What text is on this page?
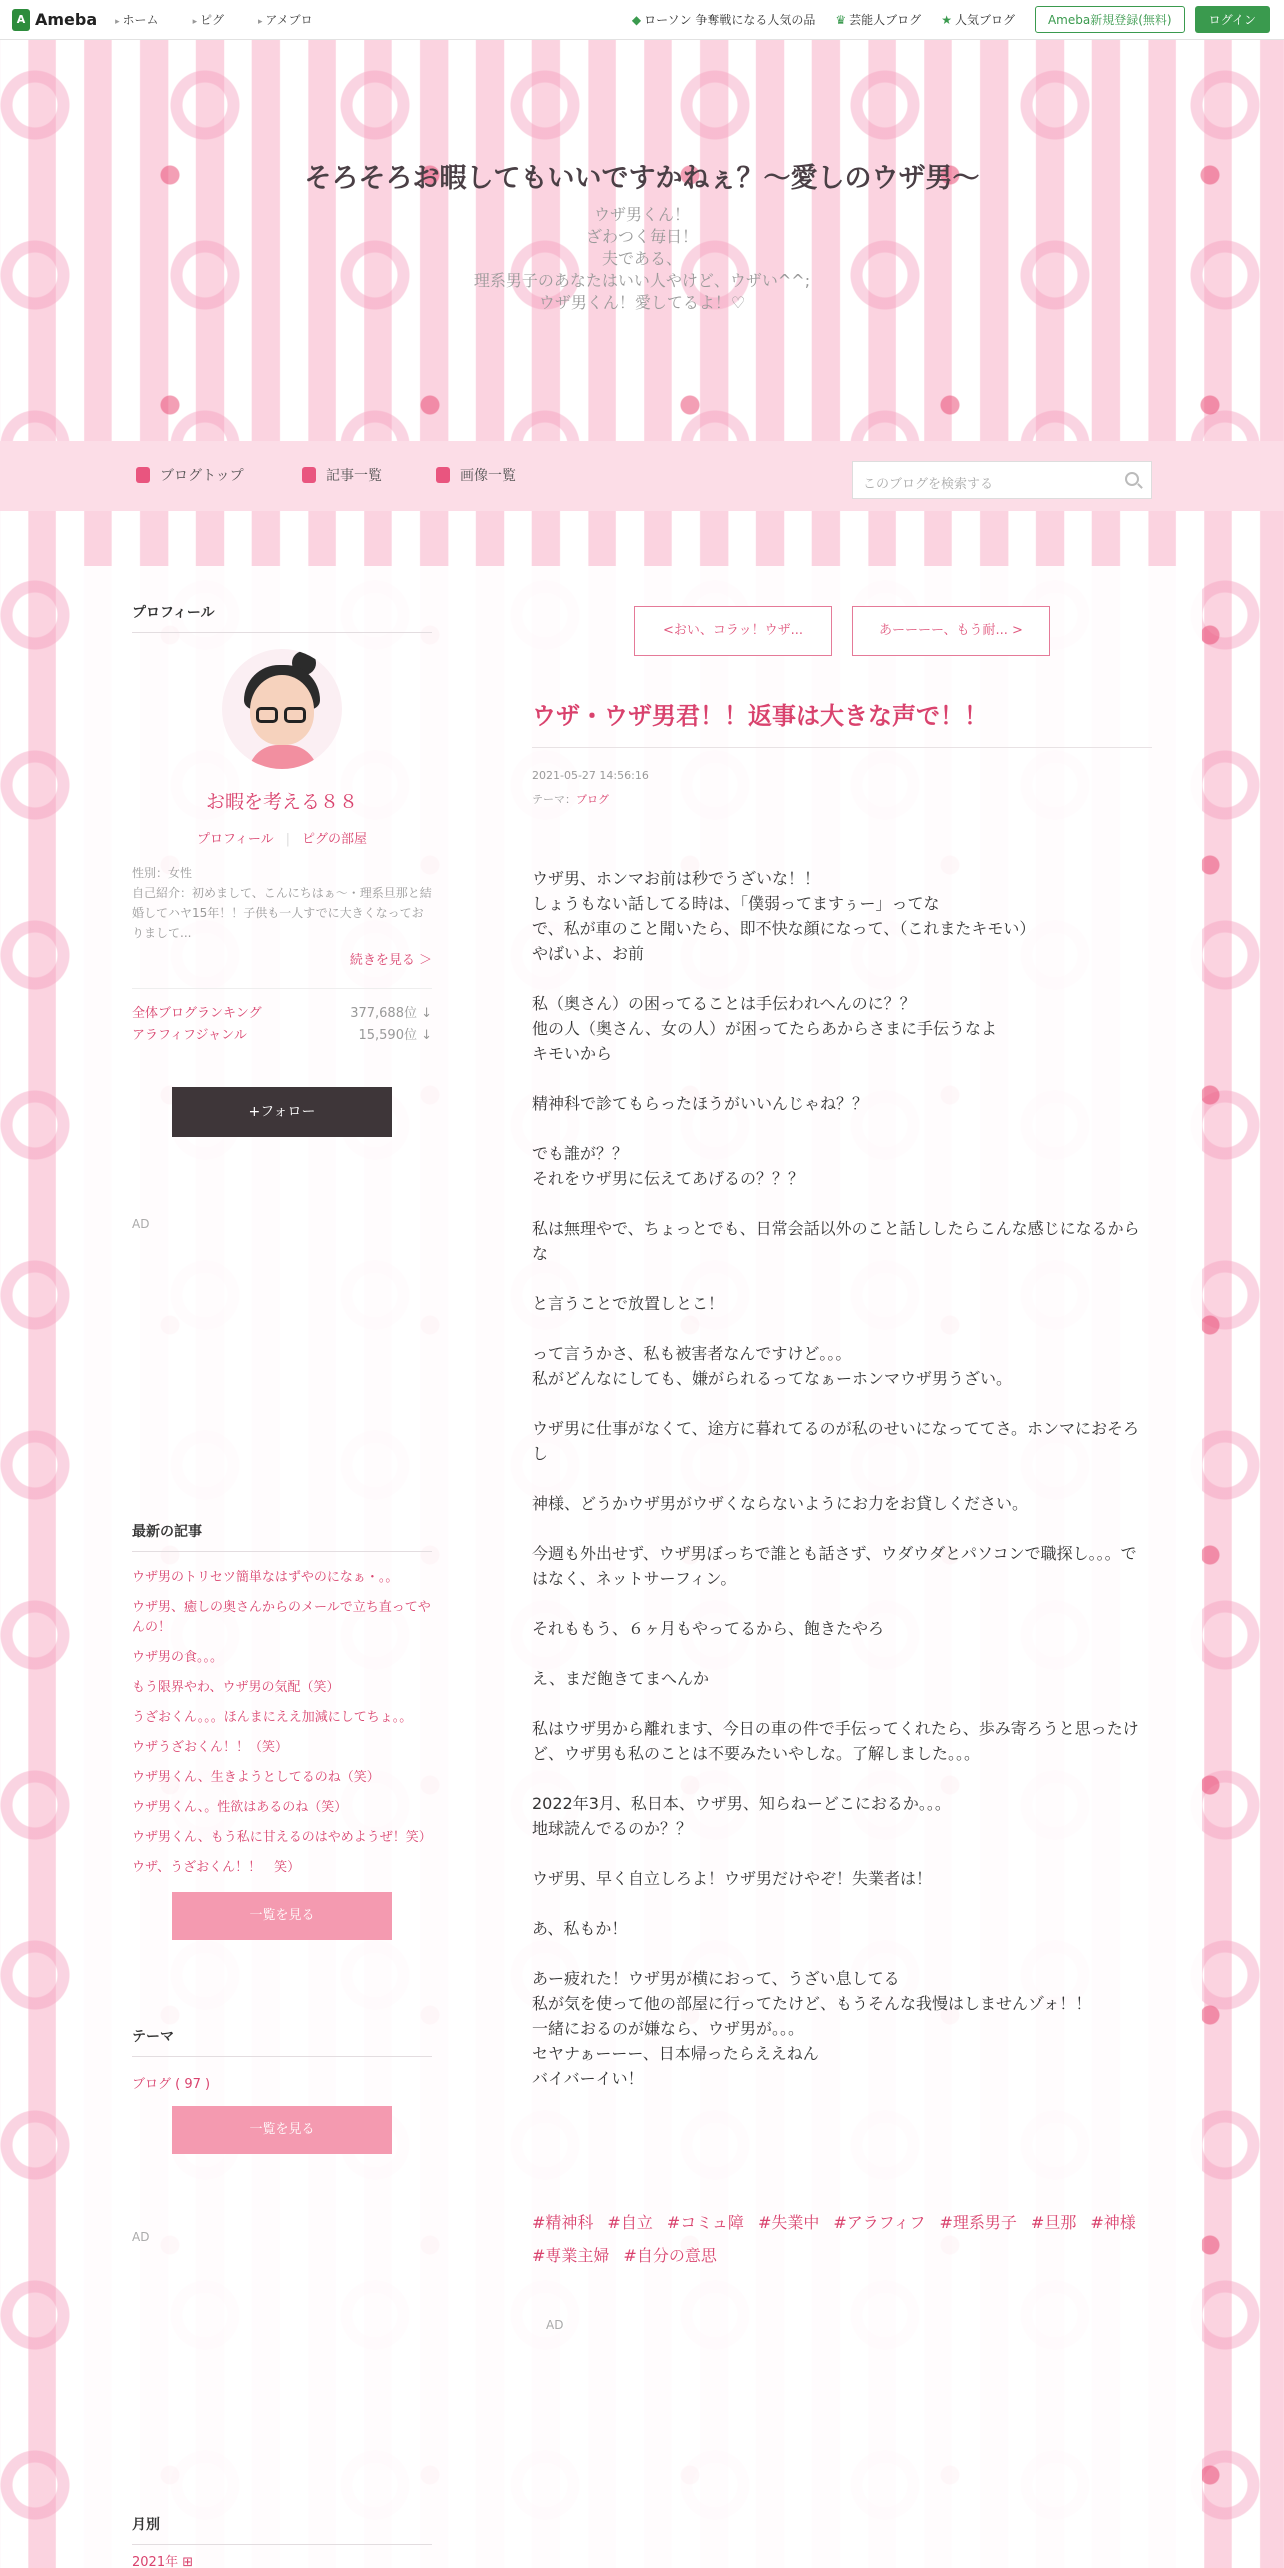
A Ameba	▸ ホーム	▸ ピグ	▸ アメブロ	◆ ローソン 争奪戦になる人気の品 ♛ 芸能人ブログ ★ 人気ブログ	Ameba新規登録(無料)	ログイン
そろそろお暇してもいいですかねぇ？〜愛しのウザ男〜
ウザ男くん！
ざわつく毎日！
夫である、
理系男子のあなたはいい人やけど、ウザい^^;
ウザ男くん！愛してるよ！♡
ブログトップ	記事一覧	画像一覧
このブログを検索する
プロフィール
お暇を考える８８
プロフィール | ピグの部屋
性別：女性
自己紹介：初めまして、こんにちはぁ〜・理系旦那と結婚してハヤ15年！！子供も一人すでに大きくなっておりまして...
続きを見る ＞
全体ブログランキング	377,688位 ↓
アラフィフジャンル	15,590位 ↓
+フォロー
AD
最新の記事
ウザ男のトリセツ簡単なはずやのになぁ・。。
ウザ男、癒しの奥さんからのメールで立ち直ってやんの！
ウザ男の食。。。
もう限界やわ、ウザ男の気配（笑）
うざおくん。。。ほんまにええ加減にしてちょ。。
ウザうざおくん！！（笑）
ウザ男くん、生きようとしてるのね（笑）
ウザ男くん、。性欲はあるのね（笑）
ウザ男くん、もう私に甘えるのはやめようぜ！笑）
ウザ、うざおくん！！　笑）
一覧を見る
テーマ
ブログ ( 97 )
一覧を見る
AD
月別
2021年 ⊞
<おい、コラッ！ウザ...	あーーーー、もう耐... >
ウザ・ウザ男君！！返事は大きな声で！！
2021-05-27 14:56:16
テーマ：ブログ

ウザ男、ホンマお前は秒でうざいな！！

しょうもない話してる時は、「僕弱ってますぅー」ってな

で、私が車のこと聞いたら、即不快な顔になって、（これまたキモい）

やばいよ、お前

私（奥さん）の困ってることは手伝われへんのに？？

他の人（奥さん、女の人）が困ってたらあからさまに手伝うなよ

キモいから

精神科で診てもらったほうがいいんじゃね？？

でも誰が？？

それをウザ男に伝えてあげるの？？？

私は無理やで、ちょっとでも、日常会話以外のこと話ししたらこんな感じになるからな

と言うことで放置しとこ！

って言うかさ、私も被害者なんですけど。。。

私がどんなにしても、嫌がられるってなぁーホンマウザ男うざい。

ウザ男に仕事がなくて、途方に暮れてるのが私のせいになっててさ。ホンマにおそろし

神様、どうかウザ男がウザくならないようにお力をお貸しください。

今週も外出せず、ウザ男ぼっちで誰とも話さず、ウダウダとパソコンで職探し。。。ではなく、ネットサーフィン。

それももう、６ヶ月もやってるから、飽きたやろ

え、まだ飽きてまへんか

私はウザ男から離れます、今日の車の件で手伝ってくれたら、歩み寄ろうと思ったけど、ウザ男も私のことは不要みたいやしな。了解しました。。。

2022年3月、私日本、ウザ男、知らねーどこにおるか。。。

地球読んでるのか？？

ウザ男、早く自立しろよ！ウザ男だけやぞ！失業者は！

あ、私もか！

あー疲れた！ウザ男が横におって、うざい息してる

私が気を使って他の部屋に行ってたけど、もうそんな我慢はしませんゾォ！！

一緒におるのが嫌なら、ウザ男が。。。

セヤナぁーーー、日本帰ったらええねん

バイバーイい！

#精神科 #自立 #コミュ障 #失業中 #アラフィフ #理系男子 #旦那 #神様#専業主婦 #自分の意思
AD
